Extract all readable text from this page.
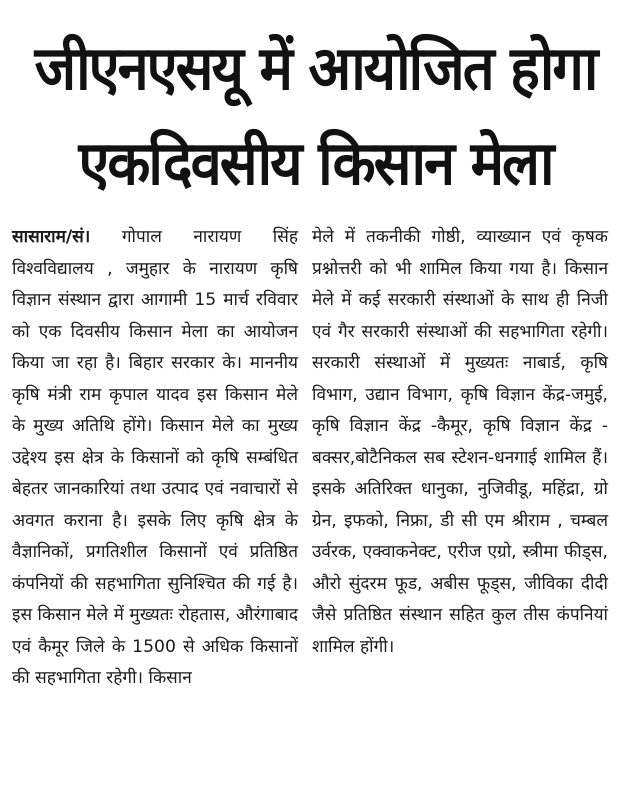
जीएनएसयू में आयोजित होगा
एकदिवसीय किसान मेला

सासाराम/सं। गोपाल नारायण सिंह विश्वविद्यालय , जमुहार के नारायण कृषि विज्ञान संस्थान द्वारा आगामी 15 मार्च रविवार को एक दिवसीय किसान मेला का आयोजन किया जा रहा है। बिहार सरकार के। माननीय कृषि मंत्री राम कृपाल यादव इस किसान मेले के मुख्य अतिथि होंगे। किसान मेले का मुख्य उद्देश्य इस क्षेत्र के किसानों को कृषि सम्बंधित बेहतर जानकारियां तथा उत्पाद एवं नवाचारों से अवगत कराना है। इसके लिए कृषि क्षेत्र के वैज्ञानिकों, प्रगतिशील किसानों एवं प्रतिष्ठित कंपनियों की सहभागिता सुनिश्चित की गई है। इस किसान मेले में मुख्यतः रोहतास, औरंगाबाद एवं कैमूर जिले के 1500 से अधिक किसानों की सहभागिता रहेगी। किसान

मेले में तकनीकी गोष्ठी, व्याख्यान एवं कृषक प्रश्नोत्तरी को भी शामिल किया गया है। किसान मेले में कई सरकारी संस्थाओं के साथ ही निजी एवं गैर सरकारी संस्थाओं की सहभागिता रहेगी। सरकारी संस्थाओं में मुख्यतः नाबार्ड, कृषि विभाग, उद्यान विभाग, कृषि विज्ञान केंद्र-जमुई, कृषि विज्ञान केंद्र -कैमूर, कृषि विज्ञान केंद्र - बक्सर,बोटैनिकल सब स्टेशन-धनगाई शामिल हैं। इसके अतिरिक्त धानुका, नुजिवीडू, महिंद्रा, ग्रो ग्रेन, इफको, निफ्रा, डी सी एम श्रीराम , चम्बल उर्वरक, एक्वाकनेक्ट, एरीज एग्रो, स्त्रीमा फीड्स, औरो सुंदरम फूड, अबीस फूड्स, जीविका दीदी जैसे प्रतिष्ठित संस्थान सहित कुल तीस कंपनियां शामिल होंगी।
